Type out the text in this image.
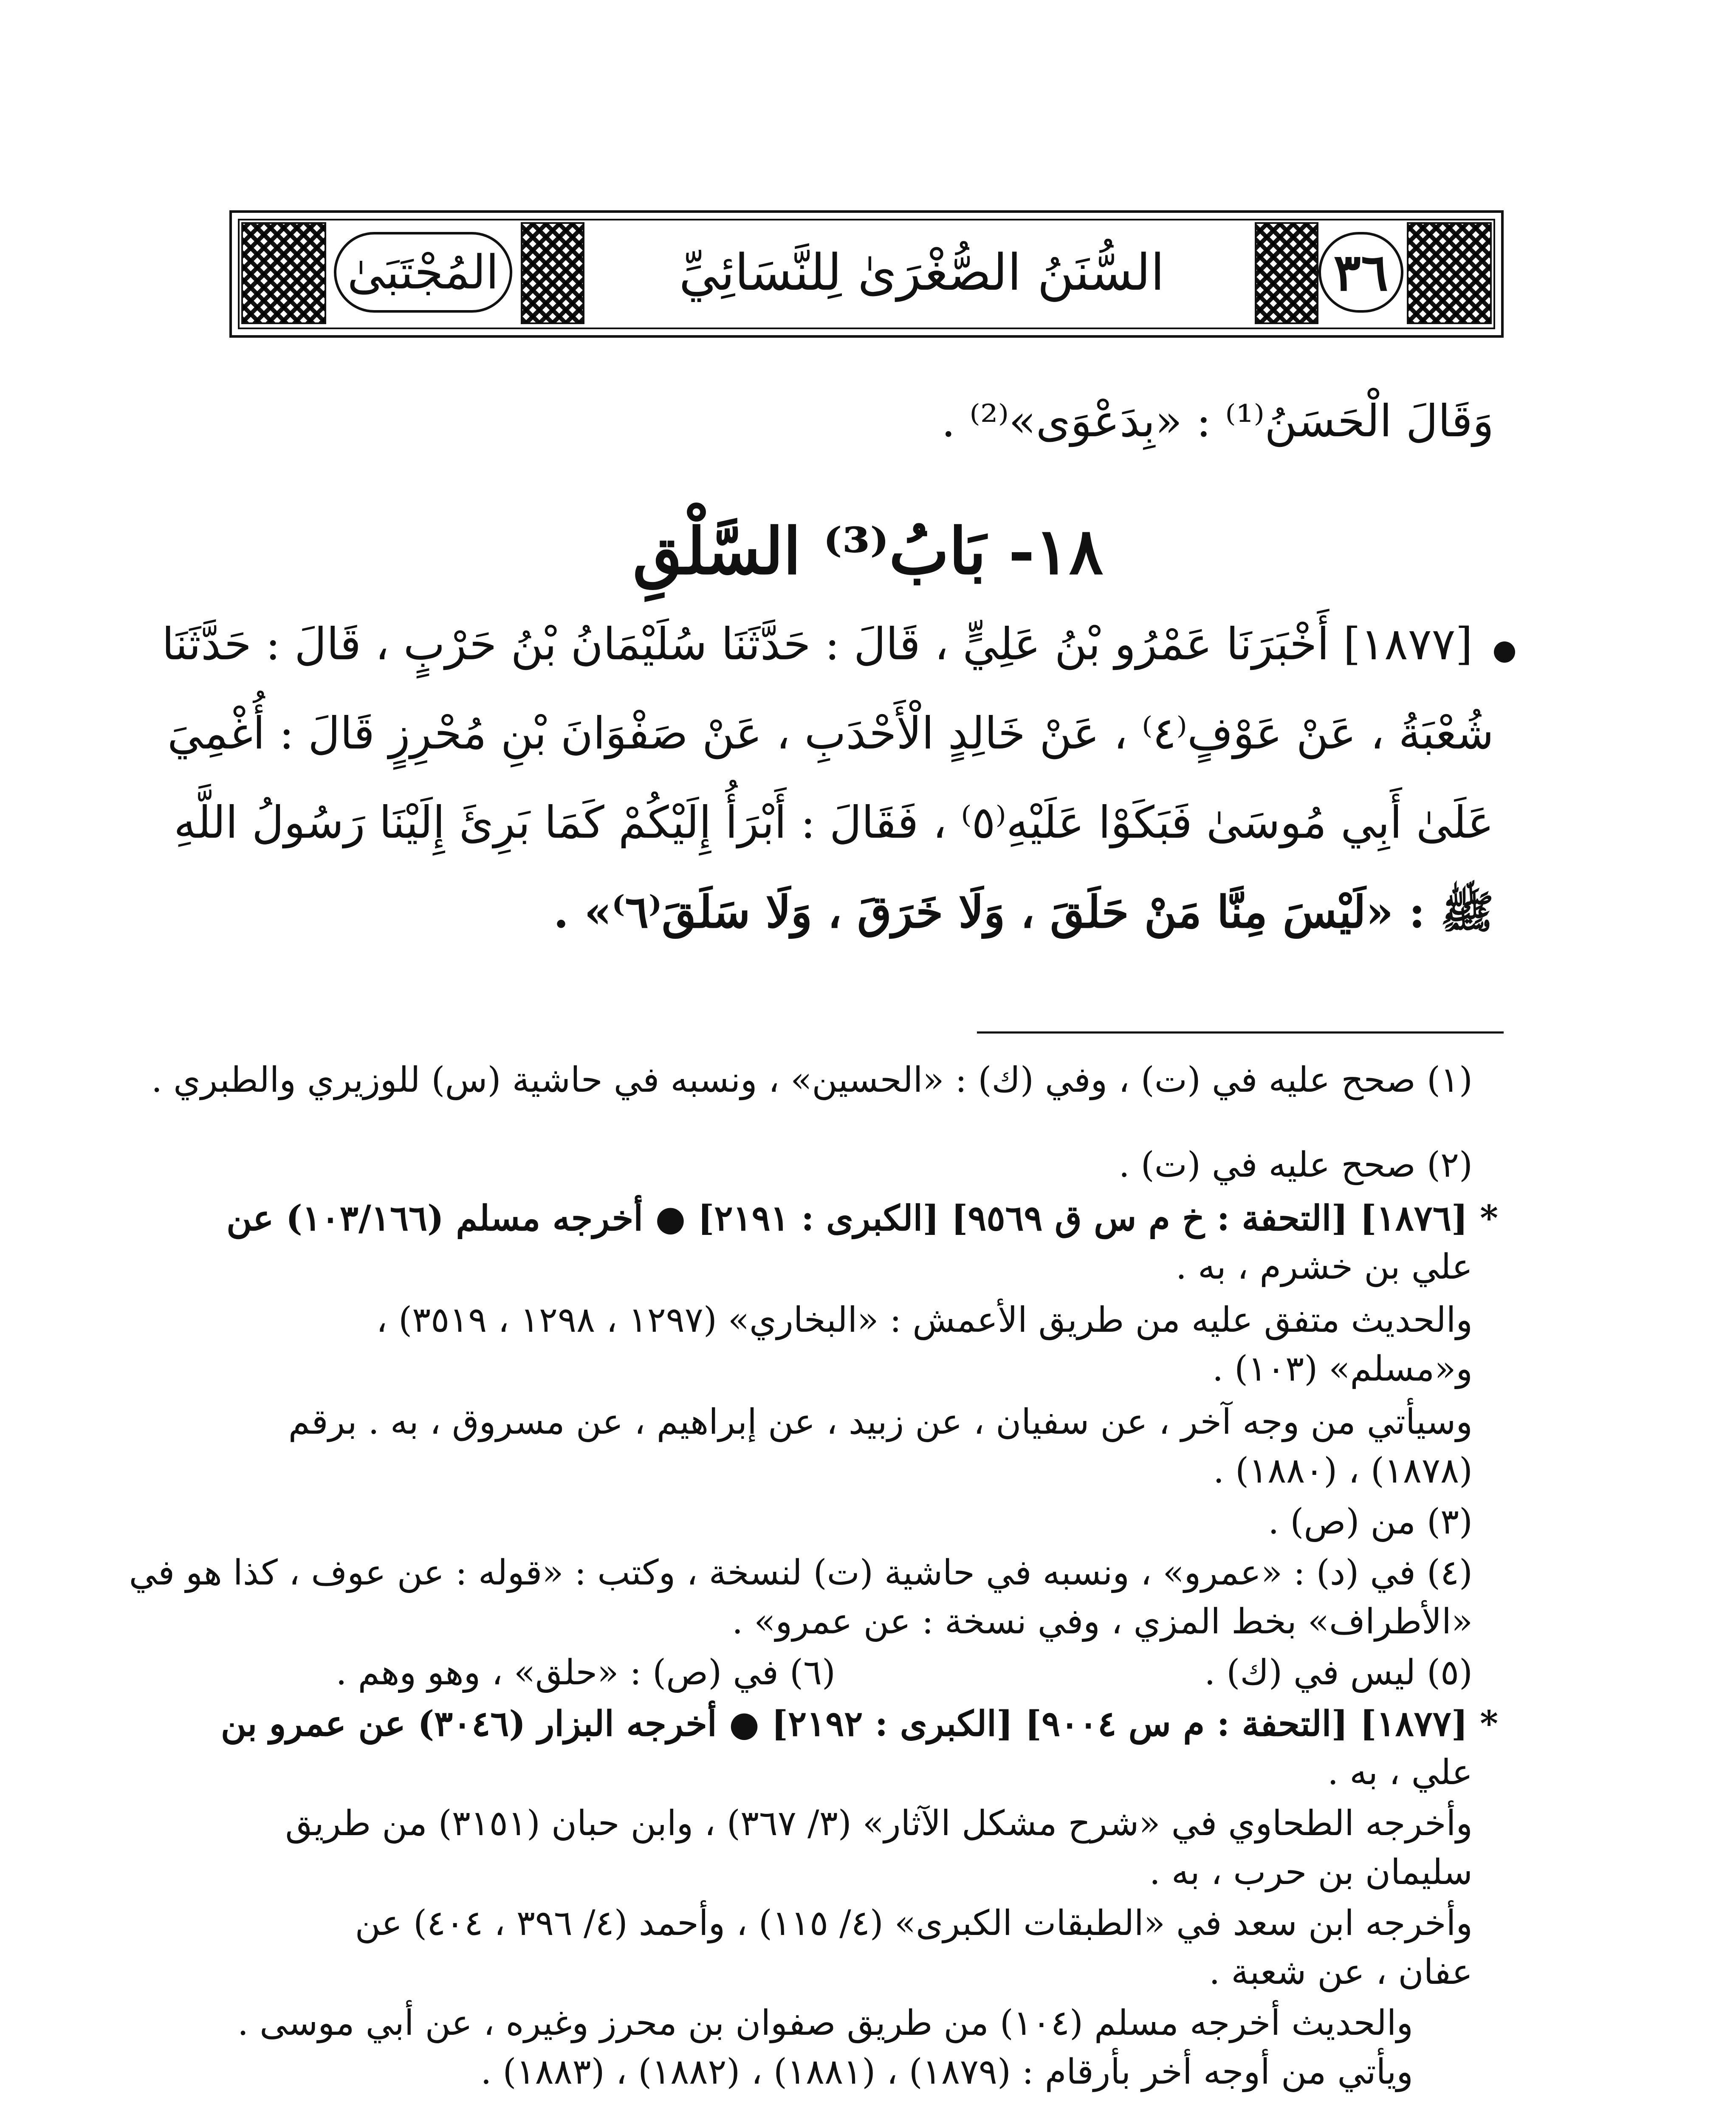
المُجْتَبَىٰ	السُّنَنُ الصُّغْرَىٰ لِلنَّسَائِيِّ	٣٦
وَقَالَ الْحَسَنُ⁽¹⁾ : «بِدَعْوَى»⁽²⁾ .
١٨- بَابُ⁽³⁾ السَّلْقِ
[١٨٧٧] أَخْبَرَنَا عَمْرُو بْنُ عَلِيٍّ ، قَالَ : حَدَّثَنَا سُلَيْمَانُ بْنُ حَرْبٍ ، قَالَ : حَدَّثَنَا
شُعْبَةُ ، عَنْ عَوْفٍ⁽٤⁾ ، عَنْ خَالِدٍ الْأَحْدَبِ ، عَنْ صَفْوَانَ بْنِ مُحْرِزٍ قَالَ : أُغْمِيَ
عَلَىٰ أَبِي مُوسَىٰ فَبَكَوْا عَلَيْهِ⁽٥⁾ ، فَقَالَ : أَبْرَأُ إِلَيْكُمْ كَمَا بَرِئَ إِلَيْنَا رَسُولُ اللَّهِ
ﷺ : «لَيْسَ مِنَّا مَنْ حَلَقَ ، وَلَا خَرَقَ ، وَلَا سَلَقَ⁽٦⁾» .
(١) صحح عليه في (ت) ، وفي (ك) : «الحسين» ، ونسبه في حاشية (س) للوزيري والطبري .
(٢) صحح عليه في (ت) .
* [١٨٧٦] [التحفة : خ م س ق ٩٥٦٩] [الكبرى : ٢١٩١] ● أخرجه مسلم (١٠٣/١٦٦) عن
علي بن خشرم ، به .
والحديث متفق عليه من طريق الأعمش : «البخاري» (١٢٩٧ ، ١٢٩٨ ، ٣٥١٩) ،
و«مسلم» (١٠٣) .
وسيأتي من وجه آخر ، عن سفيان ، عن زبيد ، عن إبراهيم ، عن مسروق ، به . برقم
(١٨٧٨) ، (١٨٨٠) .
(٣) من (ص) .
(٤) في (د) : «عمرو» ، ونسبه في حاشية (ت) لنسخة ، وكتب : «قوله : عن عوف ، كذا هو في
«الأطراف» بخط المزي ، وفي نسخة : عن عمرو» .
(٥) ليس في (ك) .
(٦) في (ص) : «حلق» ، وهو وهم .
* [١٨٧٧] [التحفة : م س ٩٠٠٤] [الكبرى : ٢١٩٢] ● أخرجه البزار (٣٠٤٦) عن عمرو بن
علي ، به .
وأخرجه الطحاوي في «شرح مشكل الآثار» (٣/ ٣٦٧) ، وابن حبان (٣١٥١) من طريق
سليمان بن حرب ، به .
وأخرجه ابن سعد في «الطبقات الكبرى» (٤/ ١١٥) ، وأحمد (٤/ ٣٩٦ ، ٤٠٤) عن
عفان ، عن شعبة .
والحديث أخرجه مسلم (١٠٤) من طريق صفوان بن محرز وغيره ، عن أبي موسى .
ويأتي من أوجه أخر بأرقام : (١٨٧٩) ، (١٨٨١) ، (١٨٨٢) ، (١٨٨٣) .
